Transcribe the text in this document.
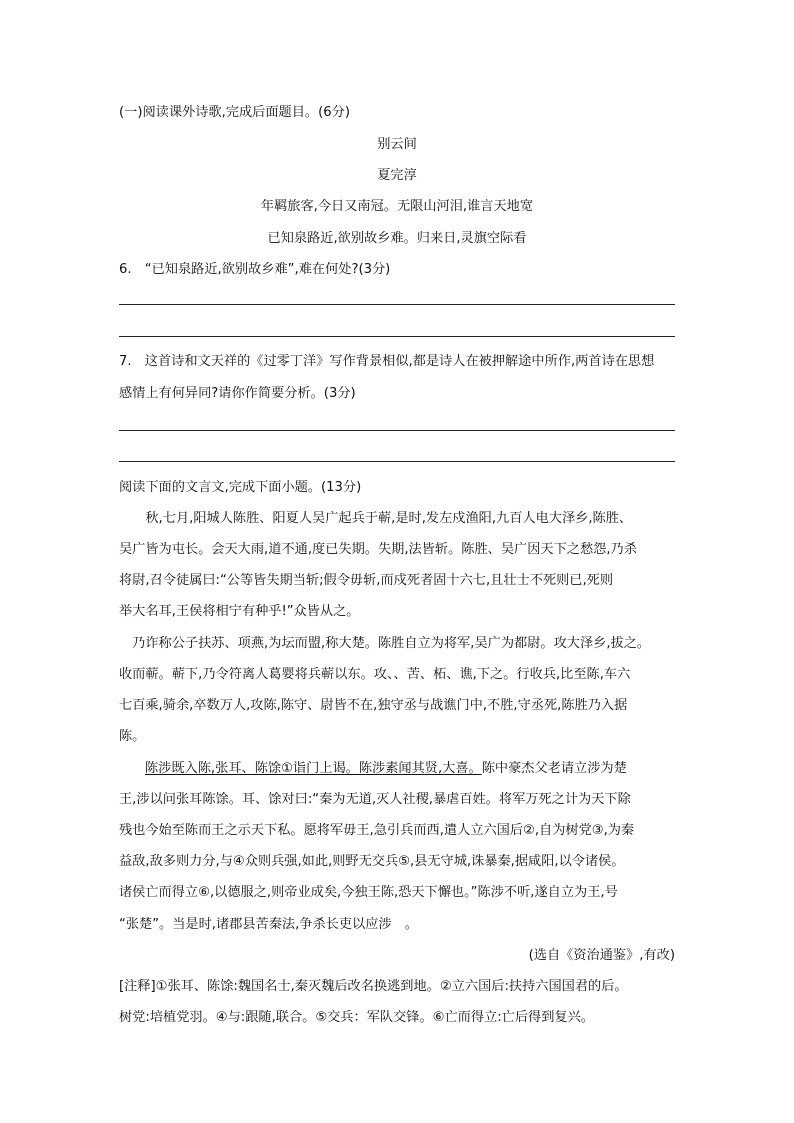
(一)阅读课外诗歌,完成后面题目。(6分)
别云间
夏完淳
年羁旅客,今日又南冠。无限山河泪,谁言天地宽
已知泉路近,欲别故乡难。归来日,灵旗空际看
6.　“已知泉路近,欲别故乡难”,难在何处?(3分)
7.　这首诗和文天祥的《过零丁洋》写作背景相似,都是诗人在被押解途中所作,两首诗在思想
感情上有何异同?请你作简要分析。(3分)
阅读下面的文言文,完成下面小题。(13分)
　　秋,七月,阳城人陈胜、阳夏人吴广起兵于蕲,是时,发左戍渔阳,九百人电大泽乡,陈胜、
吴广皆为屯长。会天大雨,道不通,度已失期。失期,法皆斩。陈胜、吴广因天下之愁怨,乃杀
将尉,召令徒属曰:“公等皆失期当斩;假令毋斩,而戍死者固十六七,且壮士不死则已,死则
举大名耳,王侯将相宁有种乎!”众皆从之。
　乃诈称公子扶苏、项燕,为坛而盟,称大楚。陈胜自立为将军,吴广为都尉。攻大泽乡,拔之。
收而蕲。蕲下,乃令符离人葛婴将兵蕲以东。攻、、苦、柘、谯,下之。行收兵,比至陈,车六
七百乘,骑余,卒数万人,攻陈,陈守、尉皆不在,独守丞与战谯门中,不胜,守丞死,陈胜乃入据
陈。
陈涉既入陈,张耳、陈馀①诣门上谒。陈涉素闻其贤,大喜。陈中豪杰父老请立涉为楚
王,涉以问张耳陈馀。耳、馀对曰:“秦为无道,灭人社稷,暴虐百姓。将军万死之计为天下除
残也今始至陈而王之示天下私。愿将军毋王,急引兵而西,遣人立六国后②,自为树党③,为秦
益敌,敌多则力分,与④众则兵强,如此,则野无交兵⑤,县无守城,诛暴秦,据咸阳,以令诸侯。
诸侯亡而得立⑥,以德服之,则帝业成矣,今独王陈,恐天下懈也。”陈涉不听,遂自立为王,号
“张楚”。当是时,诸郡县苦秦法,争杀长吏以应涉　。
(选自《资治通鉴》,有改)
[注释]①张耳、陈馀:魏国名士,秦灭魏后改名换逃到地。②立六国后:扶持六国国君的后。
树党:培植党羽。④与:跟随,联合。⑤交兵：军队交锋。⑥亡而得立:亡后得到复兴。
